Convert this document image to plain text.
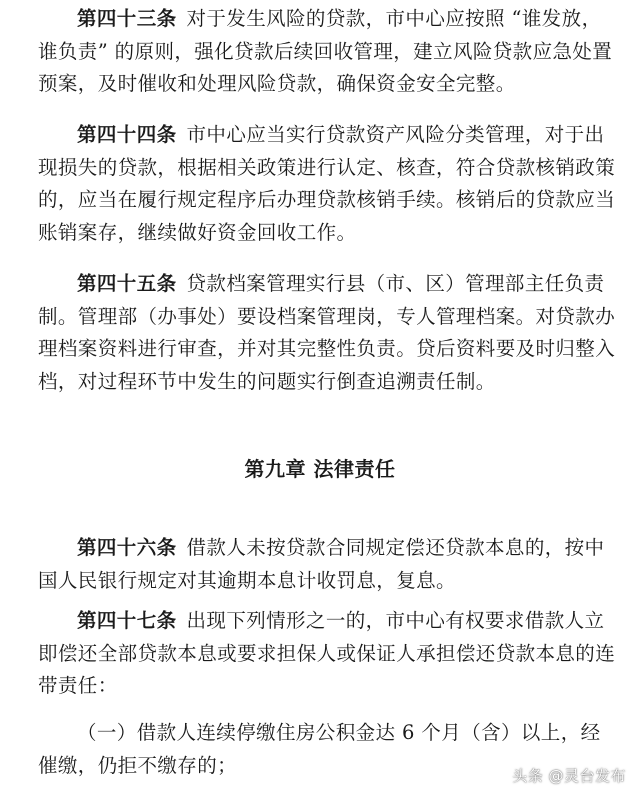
第四十三条 对于发生风险的贷款，市中心应按照 “谁发放，谁负责” 的原则，强化贷款后续回收管理，建立风险贷款应急处置预案，及时催收和处理风险贷款，确保资金安全完整。

第四十四条 市中心应当实行贷款资产风险分类管理，对于出现损失的贷款，根据相关政策进行认定、核查，符合贷款核销政策的，应当在履行规定程序后办理贷款核销手续。核销后的贷款应当账销案存，继续做好资金回收工作。

第四十五条 贷款档案管理实行县（市、区）管理部主任负责制。管理部（办事处）要设档案管理岗，专人管理档案。对贷款办理档案资料进行审查，并对其完整性负责。贷后资料要及时归整入档，对过程环节中发生的问题实行倒查追溯责任制。

第九章 法律责任

第四十六条 借款人未按贷款合同规定偿还贷款本息的，按中国人民银行规定对其逾期本息计收罚息，复息。

第四十七条 出现下列情形之一的，市中心有权要求借款人立即偿还全部贷款本息或要求担保人或保证人承担偿还贷款本息的连带责任：

（一）借款人连续停缴住房公积金达 6 个月（含）以上，经催缴，仍拒不缴存的；	头条 @灵台发布
